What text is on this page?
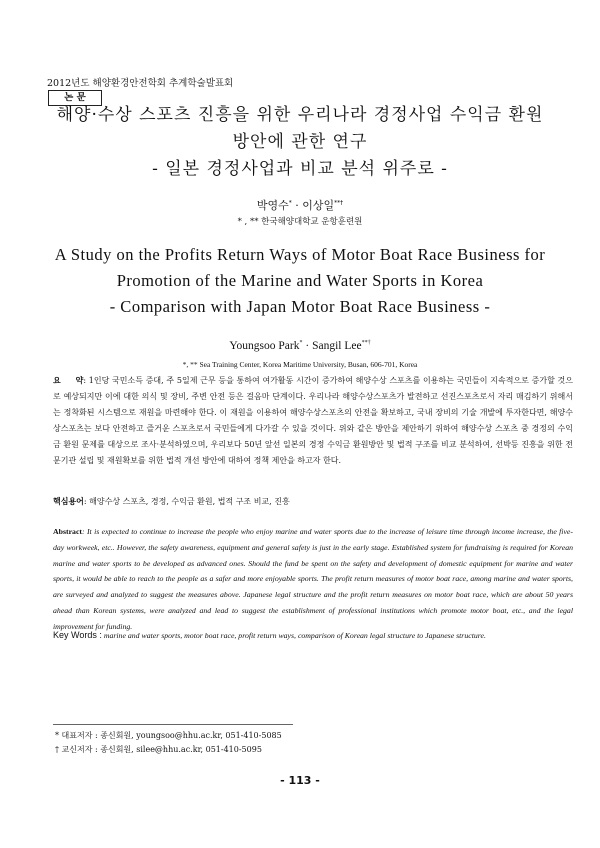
2012년도 해양환경안전학회 추계학술발표회
논 문
해양·수상 스포츠 진흥을 위한 우리나라 경정사업 수익금 환원
방안에 관한 연구
- 일본 경정사업과 비교 분석 위주로 -
박영수* · 이상일**†
* , ** 한국해양대학교 운항훈련원
A Study on the Profits Return Ways of Motor Boat Race Business for
Promotion of the Marine and Water Sports in Korea
- Comparison with Japan Motor Boat Race Business -
Youngsoo Park* · Sangil Lee**†
*, ** Sea Training Center, Korea Maritime University, Busan, 606-701, Korea
요     약: 1인당 국민소득 증대, 주 5일제 근무 등을 통하여 여가활동 시간이 증가하여 해양수상 스포츠를 이용하는 국민들이 지속적으로 증가할 것으로 예상되지만 이에 대한 의식 및 장비, 주변 안전 등은 걸음마 단계이다. 우리나라 해양수상스포츠가 발전하고 선진스포츠로서 자리 매김하기 위해서는 정착화된 시스템으로 재원을 마련해야 한다. 이 재원을 이용하여 해양수상스포츠의 안전을 확보하고, 국내 장비의 기술 개발에 투자한다면, 해양수상스포츠는 보다 안전하고 즐거운 스포츠로서 국민들에게 다가갈 수 있을 것이다. 위와 같은 방안을 제안하기 위하여 해양수상 스포츠 중 경정의 수익금 환원 문제를 대상으로 조사·분석하였으며, 우리보다 50년 앞선 일본의 경정 수익금 환원방안 및 법적 구조를 비교 분석하여, 선박등 진흥을 위한 전문기관 설립 및 재원확보를 위한 법적 개선 방안에 대하여 정책 제안을 하고자 한다.
핵심용어: 해양수상 스포츠, 경정, 수익금 환원, 법적 구조 비교, 진흥
Abstract: It is expected to continue to increase the people who enjoy marine and water sports due to the increase of leisure time through income increase, the five-day workweek, etc.. However, the safety awareness, equipment and general safety is just in the early stage. Established system for fundraising is required for Korean marine and water sports to be developed as advanced ones. Should the fund be spent on the safety and development of domestic equipment for marine and water sports, it would be able to reach to the people as a safer and more enjoyable sports. The profit return measures of motor boat race, among marine and water sports, are surveyed and analyzed to suggest the measures above. Japanese legal structure and the profit return measures on motor boat race, which are about 50 years ahead than Korean systems, were analyzed and lead to suggest the establishment of professional institutions which promote motor boat, etc., and the legal improvement for funding.
Key Words : marine and water sports, motor boat race, profit return ways, comparison of Korean legal structure to Japanese structure.
* 대표저자 : 종신회원, youngsoo@hhu.ac.kr, 051-410-5085
† 교신저자 : 종신회원, silee@hhu.ac.kr, 051-410-5095
- 113 -
